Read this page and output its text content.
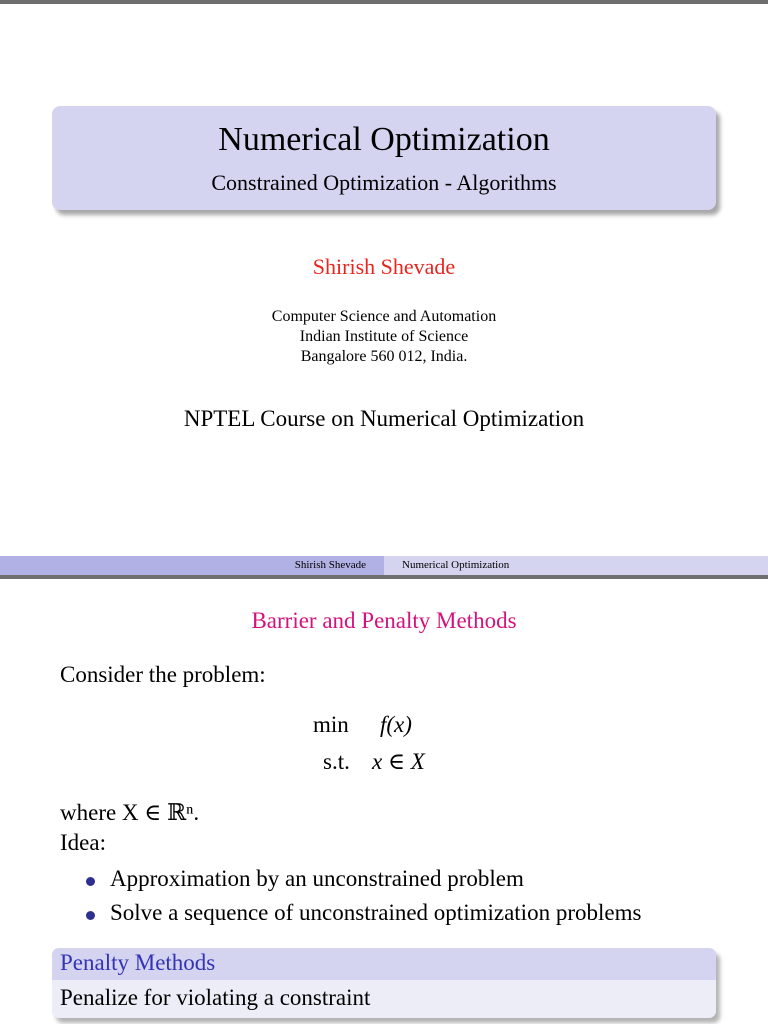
Numerical Optimization
Constrained Optimization - Algorithms
Shirish Shevade
Computer Science and Automation
Indian Institute of Science
Bangalore 560 012, India.
NPTEL Course on Numerical Optimization
Shirish Shevade	Numerical Optimization
Barrier and Penalty Methods
Consider the problem:
min f(x)
s.t. x ∈ X
where X ∈ ℝⁿ.
Idea:
Approximation by an unconstrained problem
Solve a sequence of unconstrained optimization problems
Penalty Methods
Penalize for violating a constraint
